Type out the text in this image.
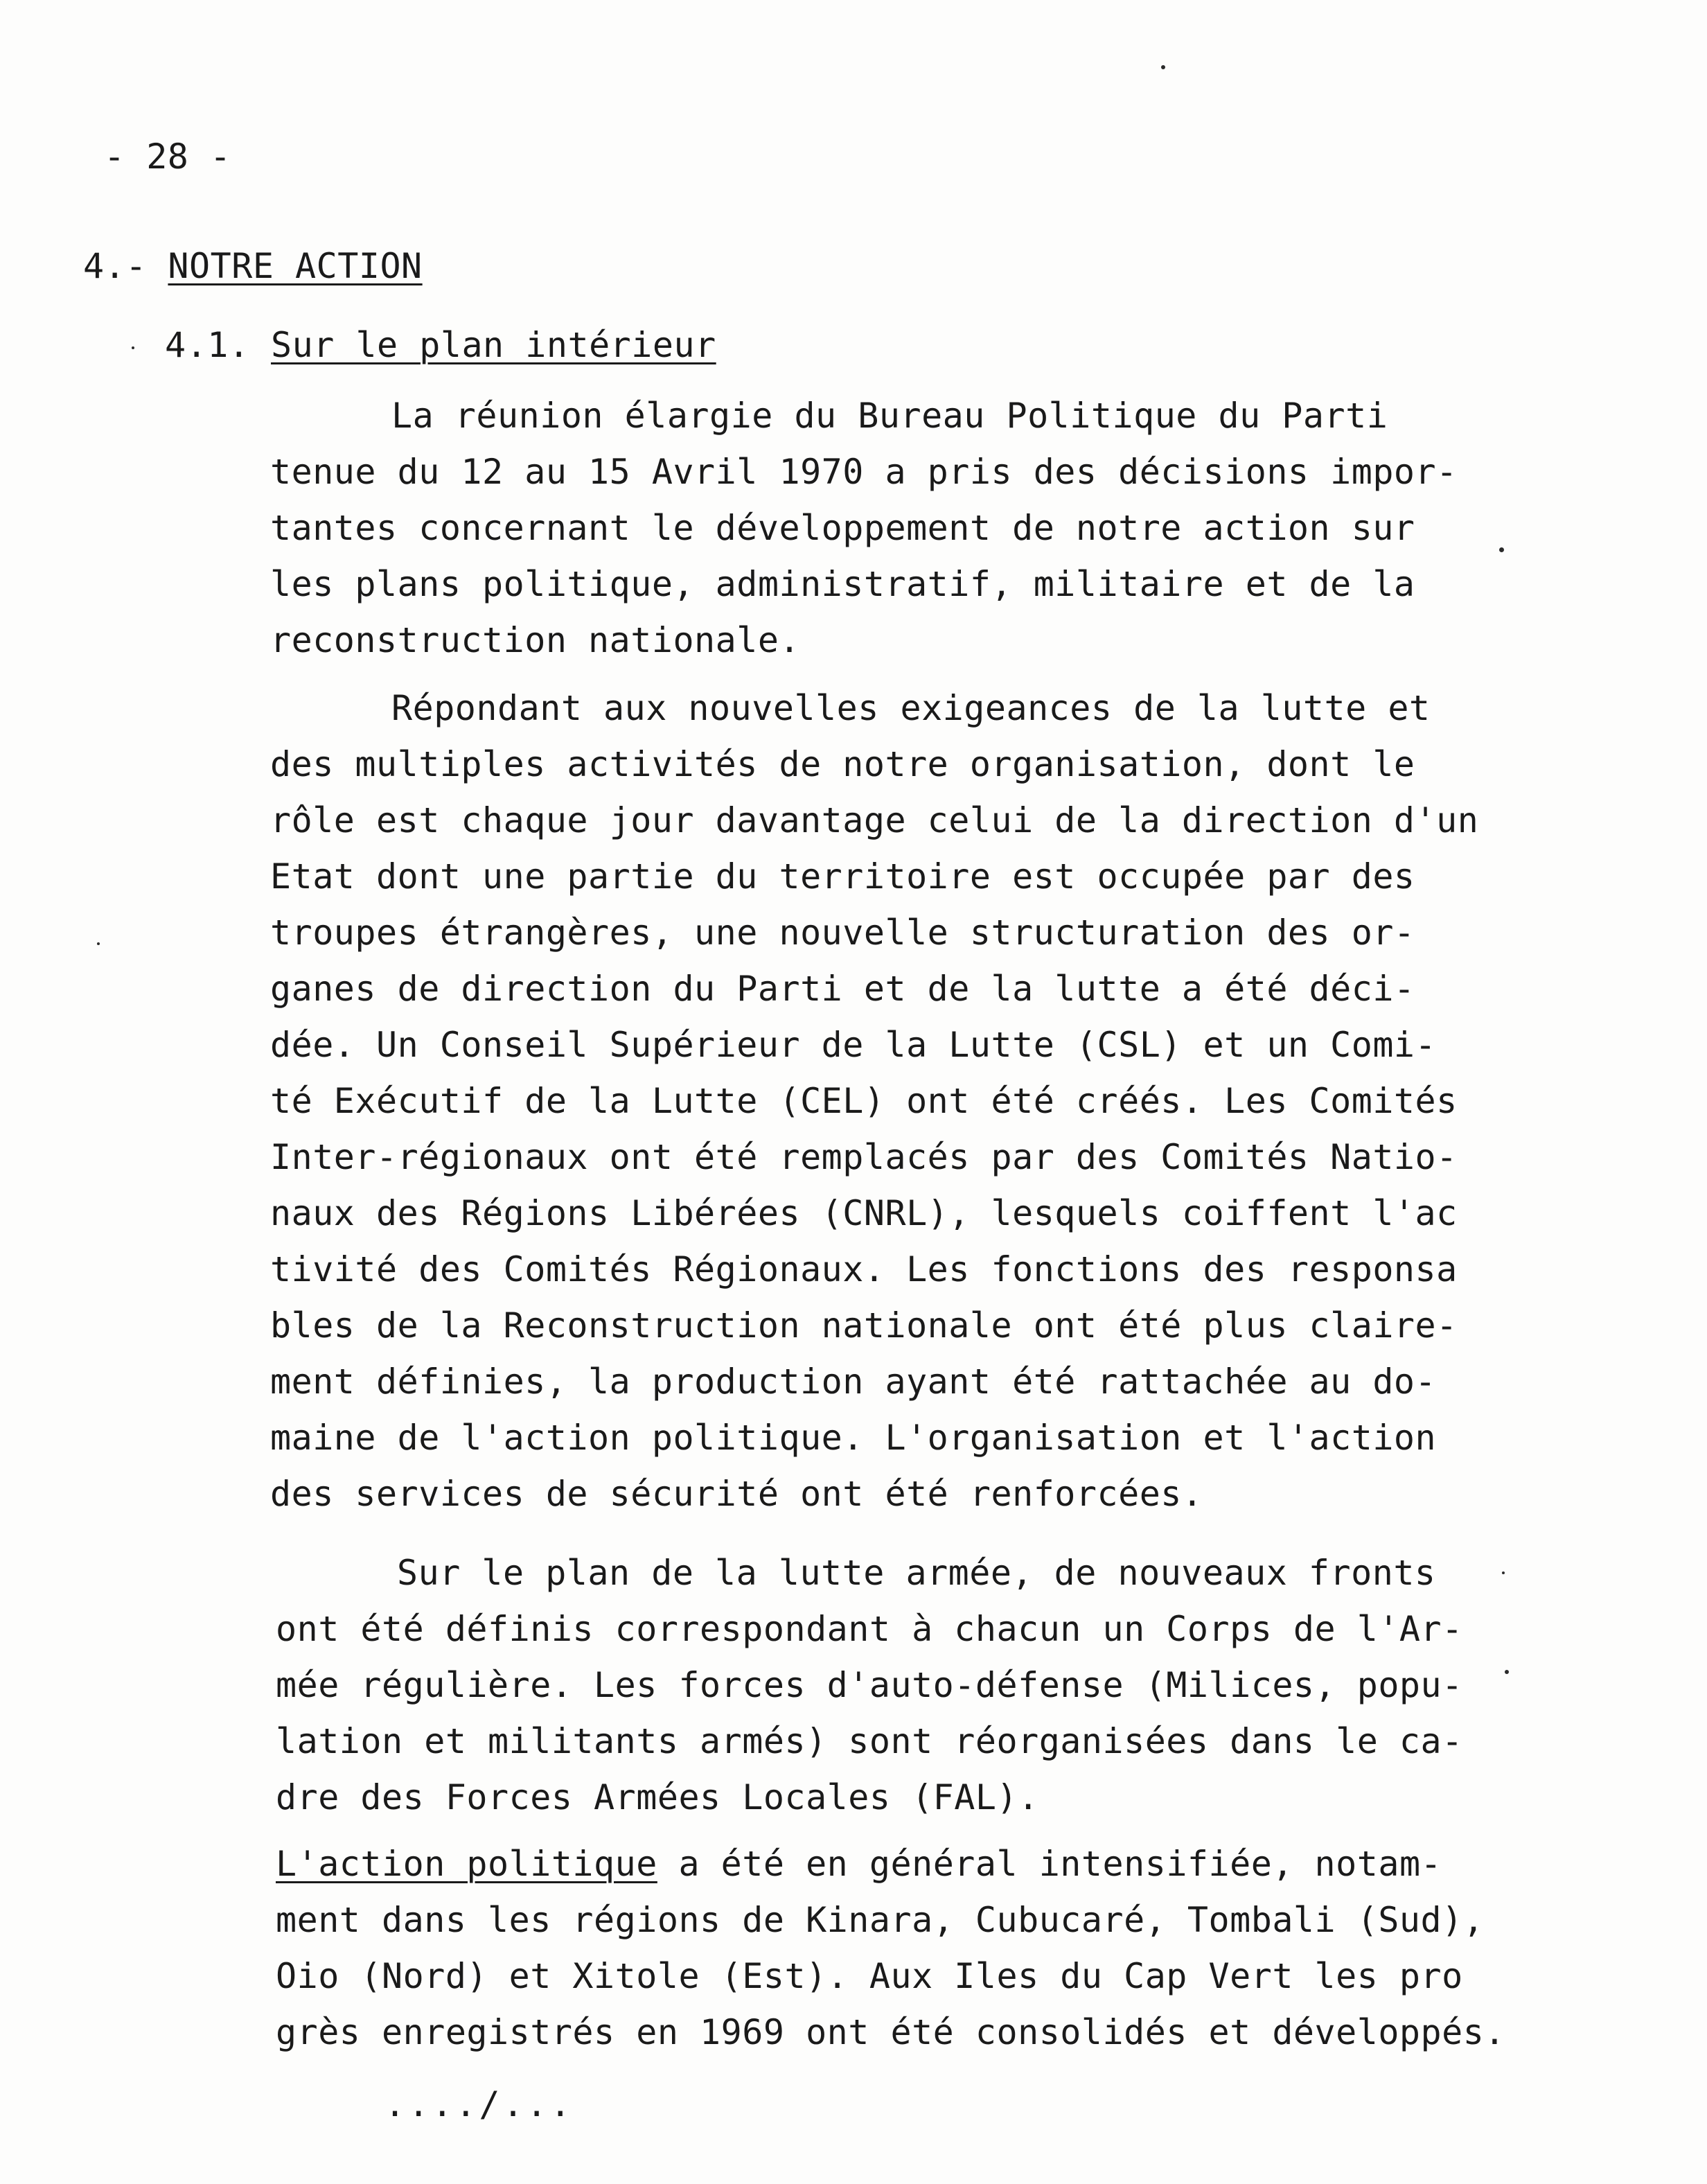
- 28 -
4.- NOTRE ACTION
4.1. Sur le plan intérieur
La réunion élargie du Bureau Politique du Parti
tenue du 12 au 15 Avril 1970 a pris des décisions impor-
tantes concernant le développement de notre action sur
les plans politique, administratif, militaire et de la
reconstruction nationale.
Répondant aux nouvelles exigeances de la lutte et
des multiples activités de notre organisation, dont le
rôle est chaque jour davantage celui de la direction d'un
Etat dont une partie du territoire est occupée par des
troupes étrangères, une nouvelle structuration des or-
ganes de direction du Parti et de la lutte a été déci-
dée. Un Conseil Supérieur de la Lutte (CSL) et un Comi-
té Exécutif de la Lutte (CEL) ont été créés. Les Comités
Inter-régionaux ont été remplacés par des Comités Natio-
naux des Régions Libérées (CNRL), lesquels coiffent l'ac
tivité des Comités Régionaux. Les fonctions des responsa
bles de la Reconstruction nationale ont été plus claire-
ment définies, la production ayant été rattachée au do-
maine de l'action politique. L'organisation et l'action
des services de sécurité ont été renforcées.
Sur le plan de la lutte armée, de nouveaux fronts
ont été définis correspondant à chacun un Corps de l'Ar-
mée régulière. Les forces d'auto-défense (Milices, popu-
lation et militants armés) sont réorganisées dans le ca-
dre des Forces Armées Locales (FAL).
L'action politique a été en général intensifiée, notam-
ment dans les régions de Kinara, Cubucaré, Tombali (Sud),
Oio (Nord) et Xitole (Est). Aux Iles du Cap Vert les pro
grès enregistrés en 1969 ont été consolidés et développés.
..../...
